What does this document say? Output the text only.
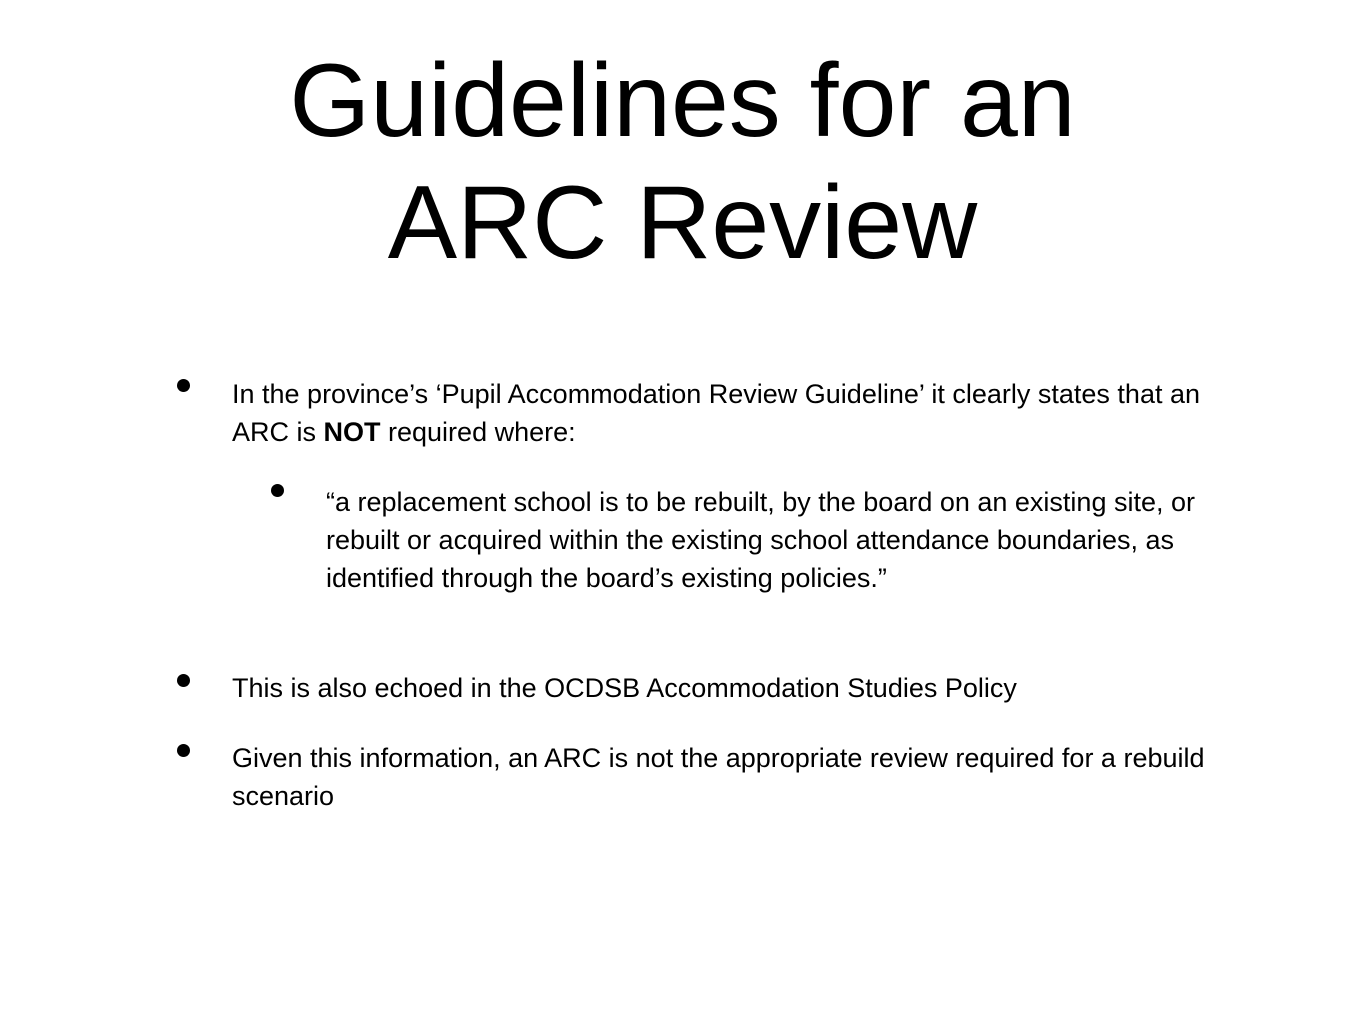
Guidelines for an
ARC Review
In the province’s ‘Pupil Accommodation Review Guideline’ it clearly states that an ARC is NOT required where:
“a replacement school is to be rebuilt, by the board on an existing site, or rebuilt or acquired within the existing school attendance boundaries, as identified through the board’s existing policies.”
This is also echoed in the OCDSB Accommodation Studies Policy
Given this information, an ARC is not the appropriate review required for a rebuild scenario
